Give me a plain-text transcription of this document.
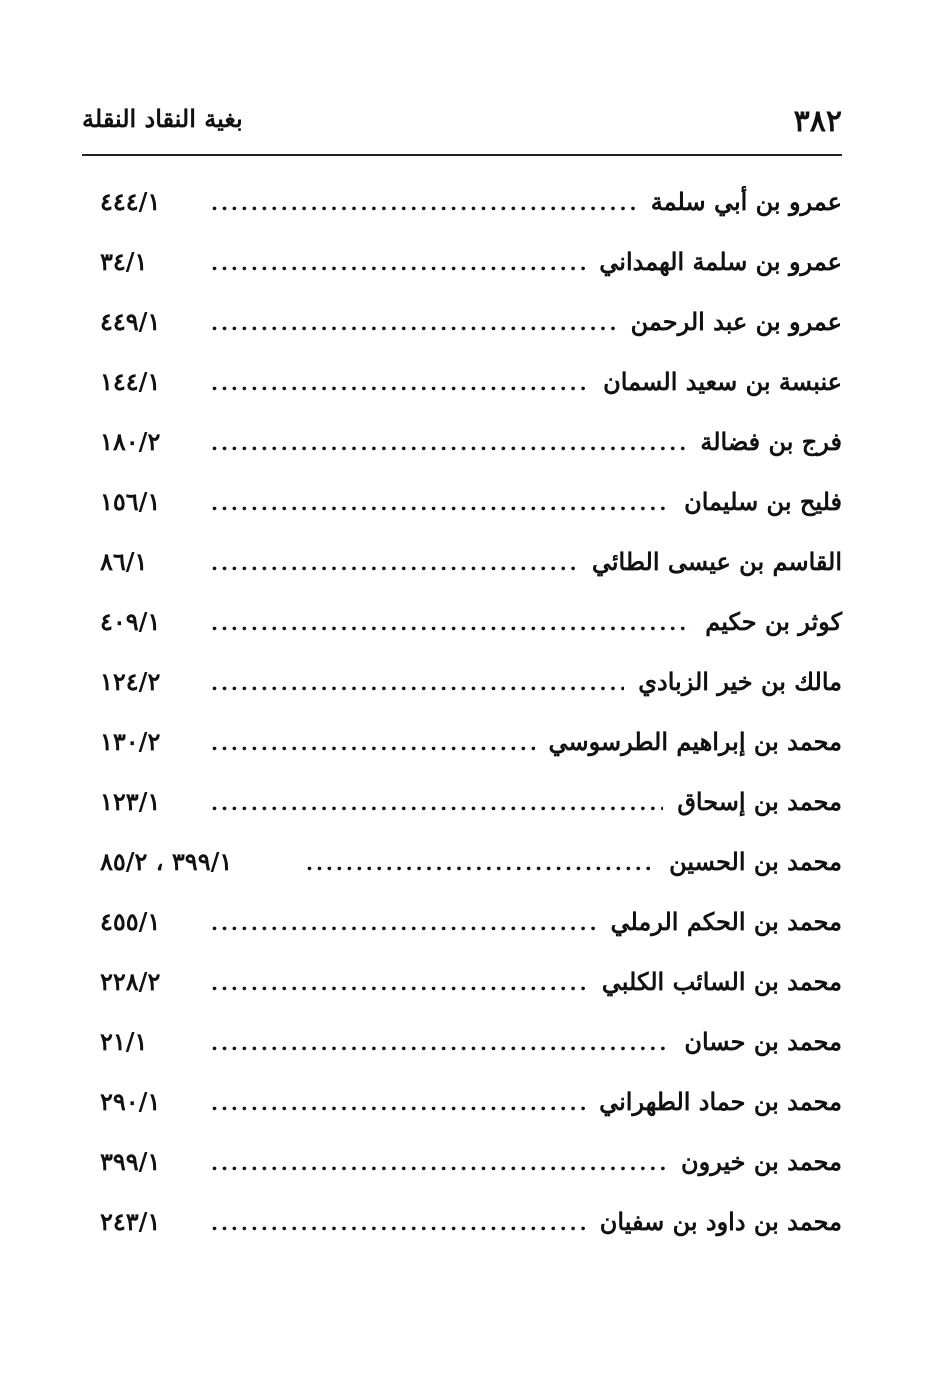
٣٨٢
بغية النقاد النقلة
عمرو بن أبي سلمة
.....
٤٤٤/١
عمرو بن سلمة الهمداني
.....
٣٤/١
عمرو بن عبد الرحمن
.....
٤٤٩/١
عنبسة بن سعيد السمان
.....
١٤٤/١
فرج بن فضالة
.....
١٨٠/٢
فليح بن سليمان
.....
١٥٦/١
القاسم بن عيسى الطائي
.....
٨٦/١
كوثر بن حكيم
.....
٤٠٩/١
مالك بن خير الزبادي
.....
١٢٤/٢
محمد بن إبراهيم الطرسوسي
.....
١٣٠/٢
محمد بن إسحاق
.....
١٢٣/١
محمد بن الحسين
.....
٣٩٩/١ ، ٨٥/٢
محمد بن الحكم الرملي
.....
٤٥٥/١
محمد بن السائب الكلبي
.....
٢٢٨/٢
محمد بن حسان
.....
٢١/١
محمد بن حماد الطهراني
.....
٢٩٠/١
محمد بن خيرون
.....
٣٩٩/١
محمد بن داود بن سفيان
.....
٢٤٣/١
